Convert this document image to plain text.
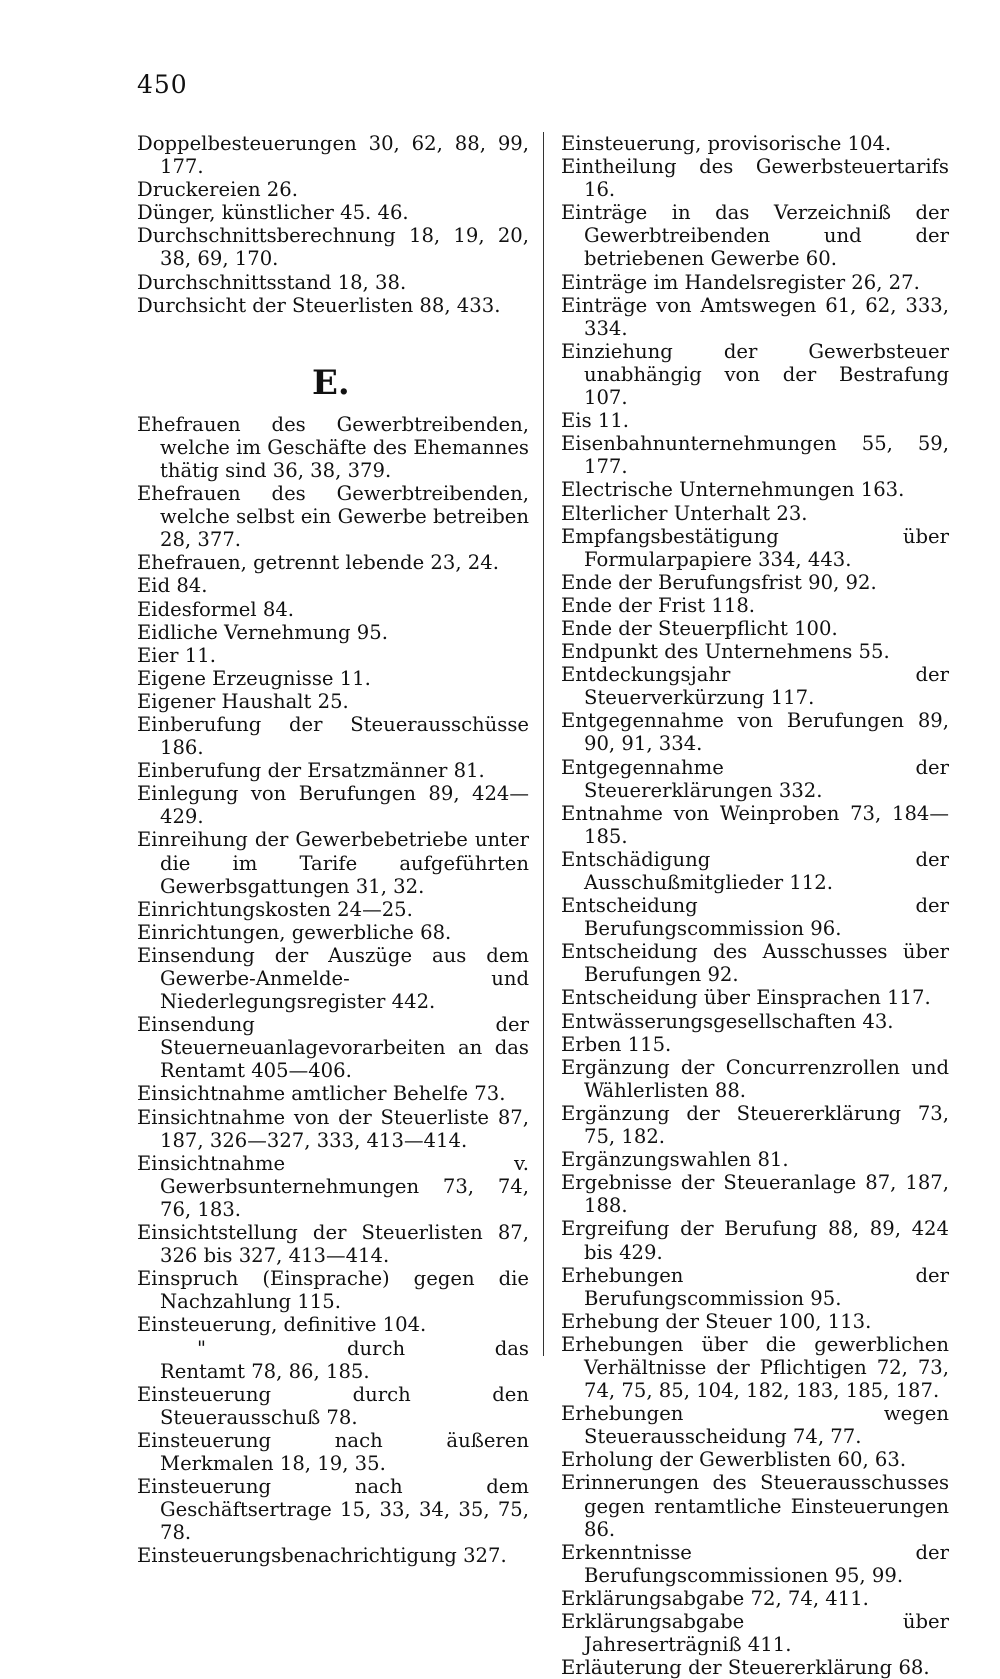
450

Doppelbesteuerungen 30, 62, 88, 99, 177.

Druckereien 26.

Dünger, künstlicher 45. 46.

Durchschnittsberechnung 18, 19, 20, 38, 69, 170.

Durchschnittsstand 18, 38.

Durchsicht der Steuerlisten 88, 433.

E.

Ehefrauen des Gewerbtreibenden, welche im Geschäfte des Ehemannes thätig sind 36, 38, 379.

Ehefrauen des Gewerbtreibenden, welche selbst ein Gewerbe betreiben 28, 377.

Ehefrauen, getrennt lebende 23, 24.

Eid 84.

Eidesformel 84.

Eidliche Vernehmung 95.

Eier 11.

Eigene Erzeugnisse 11.

Eigener Haushalt 25.

Einberufung der Steuerausschüsse 186.

Einberufung der Ersatzmänner 81.

Einlegung von Berufungen 89, 424—429.

Einreihung der Gewerbebetriebe unter die im Tarife aufgeführten Gewerbsgattungen 31, 32.

Einrichtungskosten 24—25.

Einrichtungen, gewerbliche 68.

Einsendung der Auszüge aus dem Gewerbe-Anmelde- und Niederlegungsregister 442.

Einsendung der Steuerneuanlagevorarbeiten an das Rentamt 405—406.

Einsichtnahme amtlicher Behelfe 73.

Einsichtnahme von der Steuerliste 87, 187, 326—327, 333, 413—414.

Einsichtnahme v. Gewerbsunternehmungen 73, 74, 76, 183.

Einsichtstellung der Steuerlisten 87, 326 bis 327, 413—414.

Einspruch (Einsprache) gegen die Nachzahlung 115.

Einsteuerung, definitive 104.

"	durch das Rentamt 78, 86, 185.

Einsteuerung durch den Steuerausschuß 78.

Einsteuerung nach äußeren Merkmalen 18, 19, 35.

Einsteuerung nach dem Geschäftsertrage 15, 33, 34, 35, 75, 78.

Einsteuerungsbenachrichtigung 327.

Einsteuerung, provisorische 104.

Eintheilung des Gewerbsteuertarifs 16.

Einträge in das Verzeichniß der Gewerbtreibenden und der betriebenen Gewerbe 60.

Einträge im Handelsregister 26, 27.

Einträge von Amtswegen 61, 62, 333, 334.

Einziehung der Gewerbsteuer unabhängig von der Bestrafung 107.

Eis 11.

Eisenbahnunternehmungen 55, 59, 177.

Electrische Unternehmungen 163.

Elterlicher Unterhalt 23.

Empfangsbestätigung über Formularpapiere 334, 443.

Ende der Berufungsfrist 90, 92.

Ende der Frist 118.

Ende der Steuerpflicht 100.

Endpunkt des Unternehmens 55.

Entdeckungsjahr der Steuerverkürzung 117.

Entgegennahme von Berufungen 89, 90, 91, 334.

Entgegennahme der Steuererklärungen 332.

Entnahme von Weinproben 73, 184—185.

Entschädigung der Ausschußmitglieder 112.

Entscheidung der Berufungscommission 96.

Entscheidung des Ausschusses über Berufungen 92.

Entscheidung über Einsprachen 117.

Entwässerungsgesellschaften 43.

Erben 115.

Ergänzung der Concurrenzrollen und Wählerlisten 88.

Ergänzung der Steuererklärung 73, 75, 182.

Ergänzungswahlen 81.

Ergebnisse der Steueranlage 87, 187, 188.

Ergreifung der Berufung 88, 89, 424 bis 429.

Erhebungen der Berufungscommission 95.

Erhebung der Steuer 100, 113.

Erhebungen über die gewerblichen Verhältnisse der Pflichtigen 72, 73, 74, 75, 85, 104, 182, 183, 185, 187.

Erhebungen wegen Steuerausscheidung 74, 77.

Erholung der Gewerblisten 60, 63.

Erinnerungen des Steuerausschusses gegen rentamtliche Einsteuerungen 86.

Erkenntnisse der Berufungscommissionen 95, 99.

Erklärungsabgabe 72, 74, 411.

Erklärungsabgabe über Jahreserträgniß 411.

Erläuterung der Steuererklärung 68.
